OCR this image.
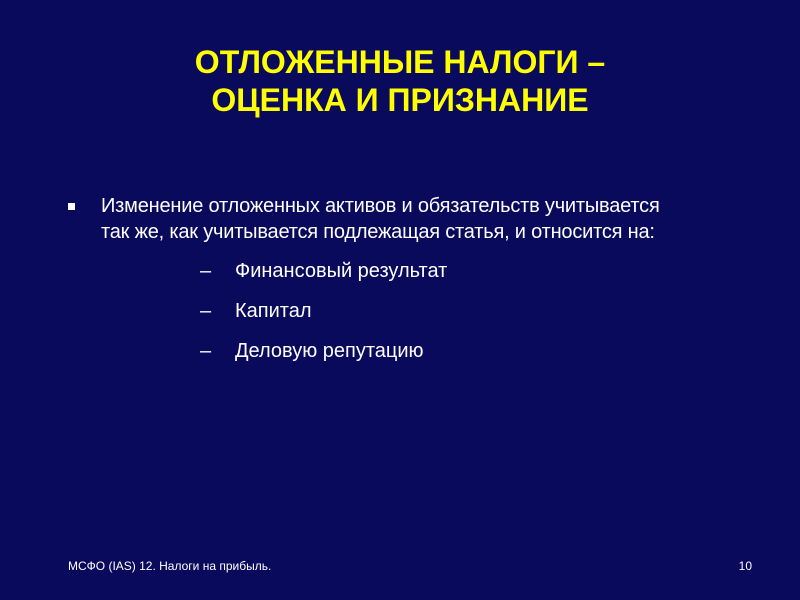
ОТЛОЖЕННЫЕ НАЛОГИ –
ОЦЕНКА И ПРИЗНАНИЕ
Изменение отложенных активов и обязательств учитывается
так же, как учитывается подлежащая статья, и относится на:
– Финансовый результат
– Капитал
– Деловую репутацию
МСФО (IAS) 12. Налоги на прибыль.	10
